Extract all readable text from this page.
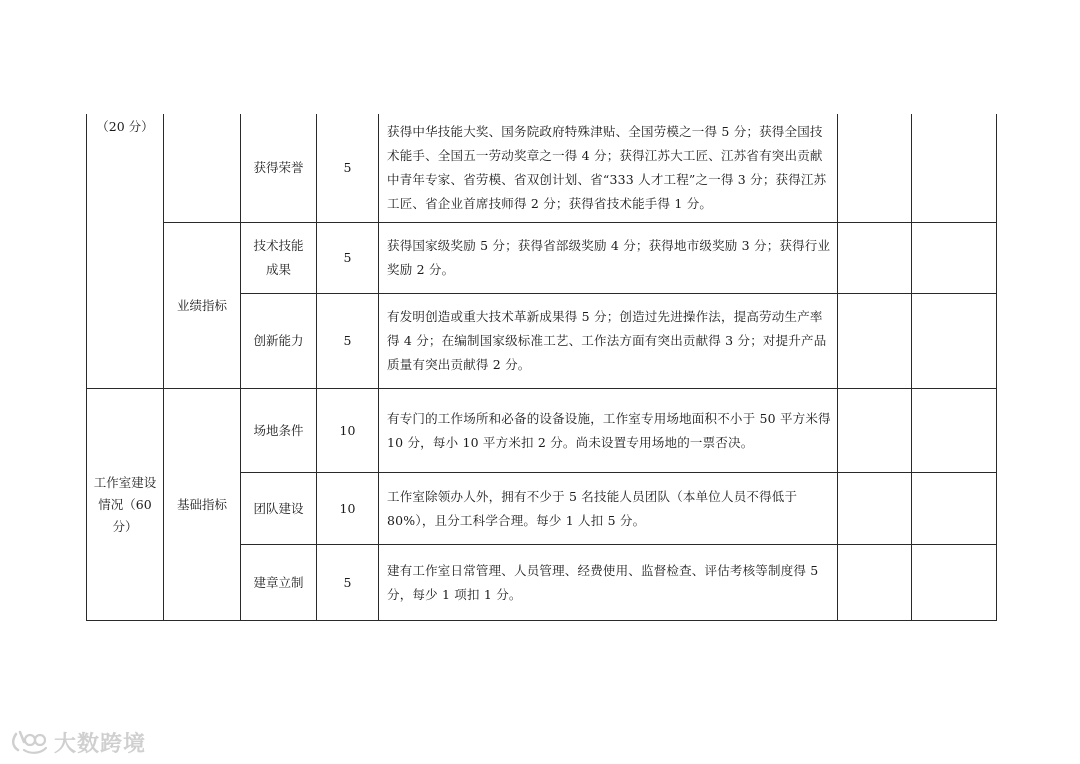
（20 分）		获得荣誉	5	获得中华技能大奖、国务院政府特殊津贴、全国劳模之一得 5 分；获得全国技术能手、全国五一劳动奖章之一得 4 分；获得江苏大工匠、江苏省有突出贡献中青年专家、省劳模、省双创计划、省“333 人才工程”之一得 3 分；获得江苏工匠、省企业首席技师得 2 分；获得省技术能手得 1 分。		
	业绩指标	技术技能成果	5	获得国家级奖励 5 分；获得省部级奖励 4 分；获得地市级奖励 3 分；获得行业奖励 2 分。		
		创新能力	5	有发明创造或重大技术革新成果得 5 分；创造过先进操作法，提高劳动生产率得 4 分；在编制国家级标准工艺、工作法方面有突出贡献得 3 分；对提升产品质量有突出贡献得 2 分。		
工作室建设情况（60 分）	基础指标	场地条件	10	有专门的工作场所和必备的设备设施，工作室专用场地面积不小于 50 平方米得 10 分，每小 10 平方米扣 2 分。尚未设置专用场地的一票否决。		
		团队建设	10	工作室除领办人外，拥有不少于 5 名技能人员团队（本单位人员不得低于 80%），且分工科学合理。每少 1 人扣 5 分。		
		建章立制	5	建有工作室日常管理、人员管理、经费使用、监督检查、评估考核等制度得 5 分，每少 1 项扣 1 分。		
大数跨境
